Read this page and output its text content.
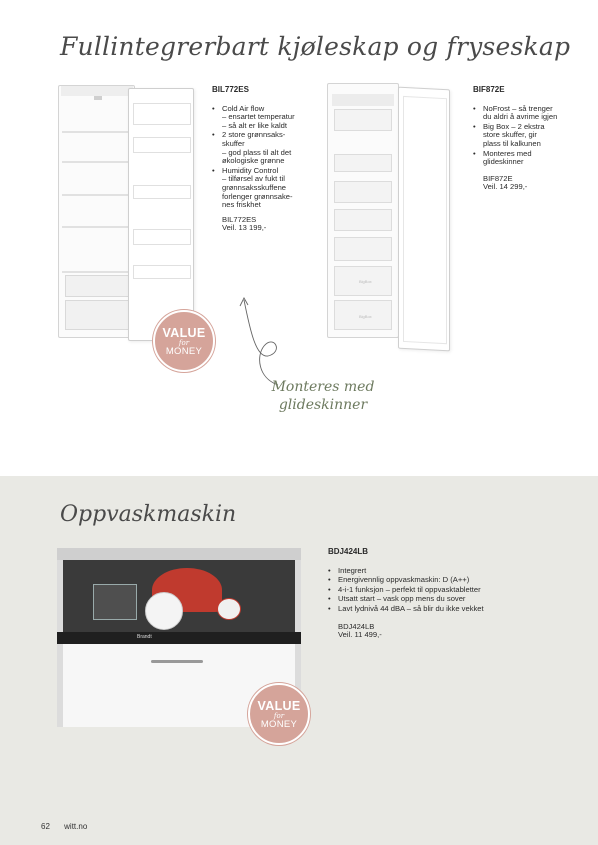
Fullintegrerbart kjøleskap og fryseskap
BIL772ES
• Cold Air flow
– ensartet temperatur
– så alt er like kaldt
• 2 store grønnsaks-
skuffer
– god plass til alt det
økologiske grønne
• Humidity Control
– tilførsel av fukt til
grønnsaksskuffene
forlenger grønnsake-
nes friskhet
BIL772ES
Veil. 13 199,-
VALUE
for
MONEY
BigBox
BigBox
BIF872E
• NoFrost – så trenger
du aldri å avrime igjen
• Big Box – 2 ekstra
store skuffer, gir
plass til kalkunen
• Monteres med
glideskinner
BIF872E
Veil. 14 299,-
Monteres med glideskinner
Oppvaskmaskin
Brandt
BDJ424LB
• Integrert
• Energivennlig oppvaskmaskin: D (A++)
• 4-i-1 funksjon – perfekt til oppvasktabletter
• Utsatt start – vask opp mens du sover
• Lavt lydnivå 44 dBA – så blir du ikke vekket
BDJ424LB
Veil. 11 499,-
VALUE
for
MONEY
62 witt.no
